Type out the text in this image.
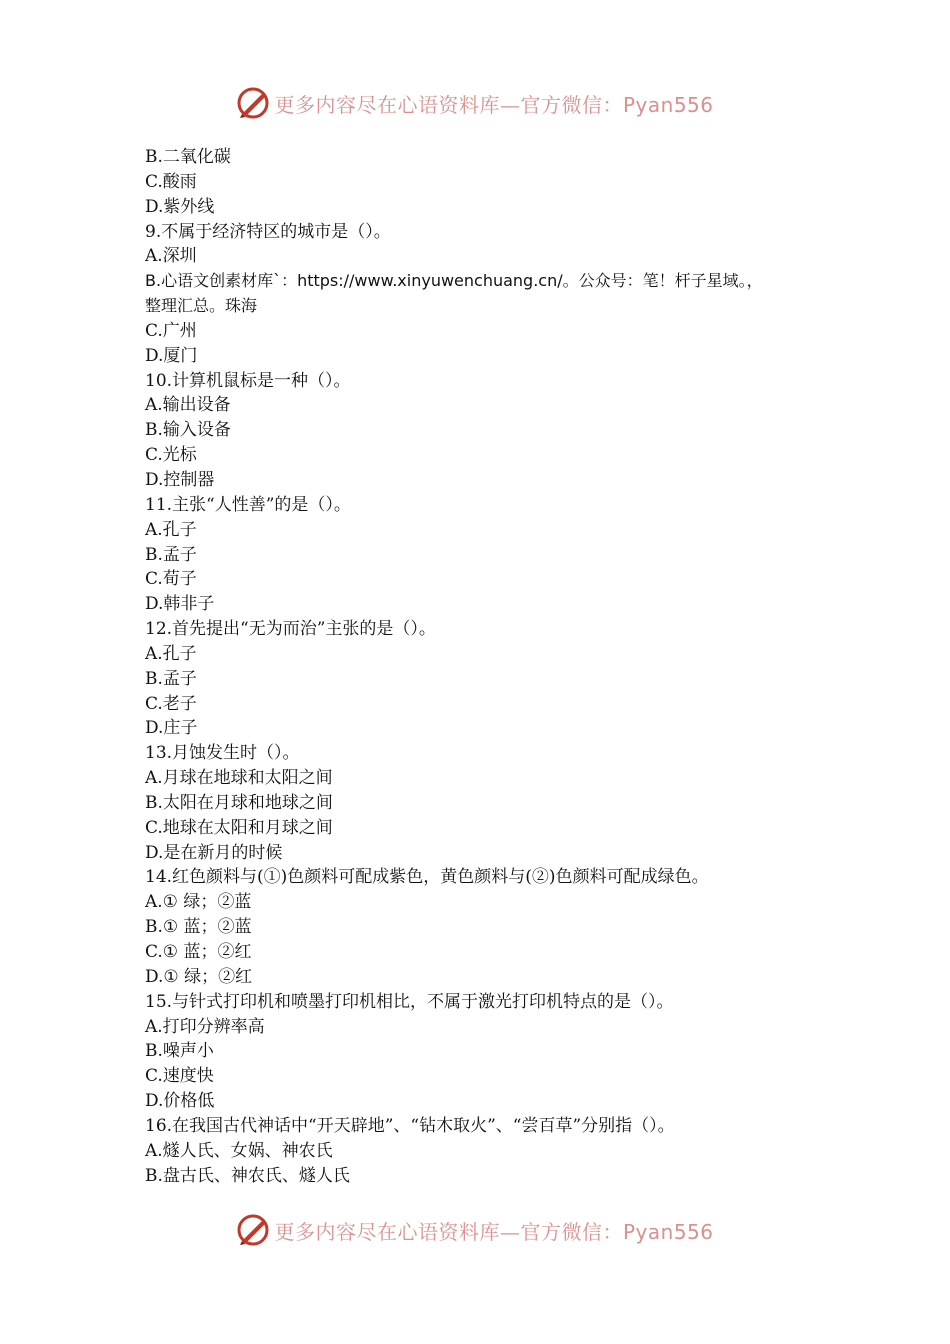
更多内容尽在心语资料库—官方微信：Pyan556
B.二氧化碳
C.酸雨
D.紫外线
9.不属于经济特区的城市是（）。
A.深圳
B.心语文创素材库`：https://www.xinyuwenchuang.cn/。公众号：笔！杆子星域。，
整理汇总。珠海
C.广州
D.厦门
10.计算机鼠标是一种（）。
A.输出设备
B.输入设备
C.光标
D.控制器
11.主张“人性善”的是（）。
A.孔子
B.孟子
C.荀子
D.韩非子
12.首先提出“无为而治”主张的是（）。
A.孔子
B.孟子
C.老子
D.庄子
13.月蚀发生时（）。
A.月球在地球和太阳之间
B.太阳在月球和地球之间
C.地球在太阳和月球之间
D.是在新月的时候
14.红色颜料与(①)色颜料可配成紫色，黄色颜料与(②)色颜料可配成绿色。
A.① 绿；②蓝
B.① 蓝；②蓝
C.① 蓝；②红
D.① 绿；②红
15.与针式打印机和喷墨打印机相比，不属于激光打印机特点的是（）。
A.打印分辨率高
B.噪声小
C.速度快
D.价格低
16.在我国古代神话中“开天辟地”、“钻木取火”、“尝百草”分别指（）。
A.燧人氏、女娲、神农氏
B.盘古氏、神农氏、燧人氏
更多内容尽在心语资料库—官方微信：Pyan556
